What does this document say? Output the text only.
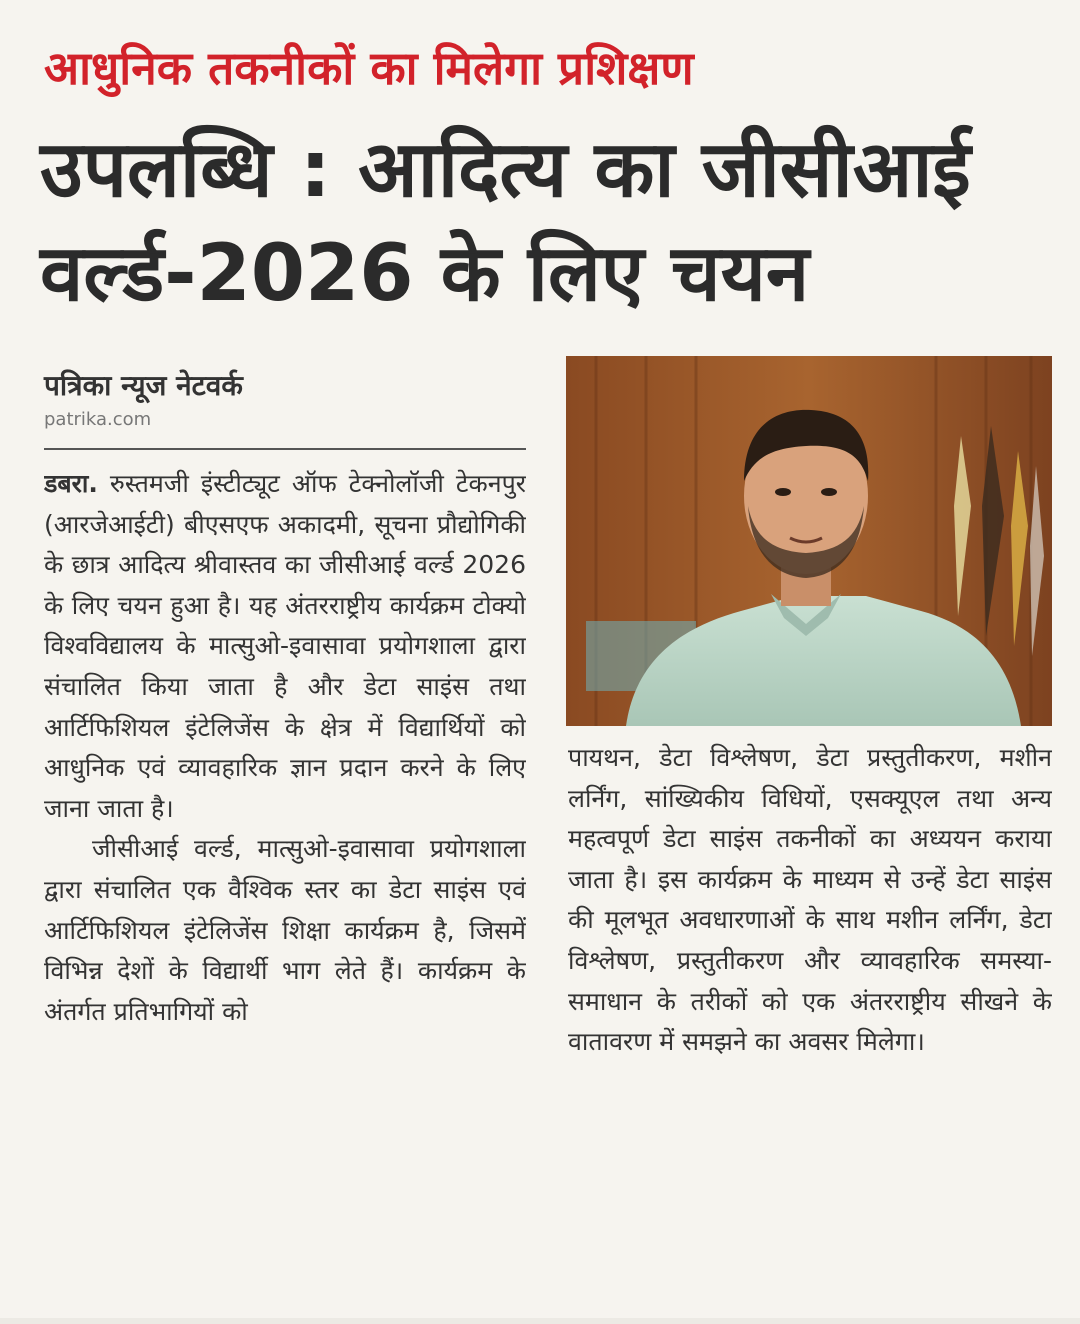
आधुनिक तकनीकों का मिलेगा प्रशिक्षण
उपलब्धि : आदित्य का जीसीआई वर्ल्ड-2026 के लिए चयन
पत्रिका न्यूज नेटवर्क
patrika.com

डबरा. रुस्तमजी इंस्टीट्यूट ऑफ टेक्नोलॉजी टेकनपुर (आरजेआईटी) बीएसएफ अकादमी, सूचना प्रौद्योगिकी के छात्र आदित्य श्रीवास्तव का जीसीआई वर्ल्ड 2026 के लिए चयन हुआ है। यह अंतरराष्ट्रीय कार्यक्रम टोक्यो विश्वविद्यालय के मात्सुओ-इवासावा प्रयोगशाला द्वारा संचालित किया जाता है और डेटा साइंस तथा आर्टिफिशियल इंटेलिजेंस के क्षेत्र में विद्यार्थियों को आधुनिक एवं व्यावहारिक ज्ञान प्रदान करने के लिए जाना जाता है।

जीसीआई वर्ल्ड, मात्सुओ-इवासावा प्रयोगशाला द्वारा संचालित एक वैश्विक स्तर का डेटा साइंस एवं आर्टिफिशियल इंटेलिजेंस शिक्षा कार्यक्रम है, जिसमें विभिन्न देशों के विद्यार्थी भाग लेते हैं। कार्यक्रम के अंतर्गत प्रतिभागियों को

पायथन, डेटा विश्लेषण, डेटा प्रस्तुतीकरण, मशीन लर्निंग, सांख्यिकीय विधियों, एसक्यूएल तथा अन्य महत्वपूर्ण डेटा साइंस तकनीकों का अध्ययन कराया जाता है। इस कार्यक्रम के माध्यम से उन्हें डेटा साइंस की मूलभूत अवधारणाओं के साथ मशीन लर्निंग, डेटा विश्लेषण, प्रस्तुतीकरण और व्यावहारिक समस्या-समाधान के तरीकों को एक अंतरराष्ट्रीय सीखने के वातावरण में समझने का अवसर मिलेगा।
